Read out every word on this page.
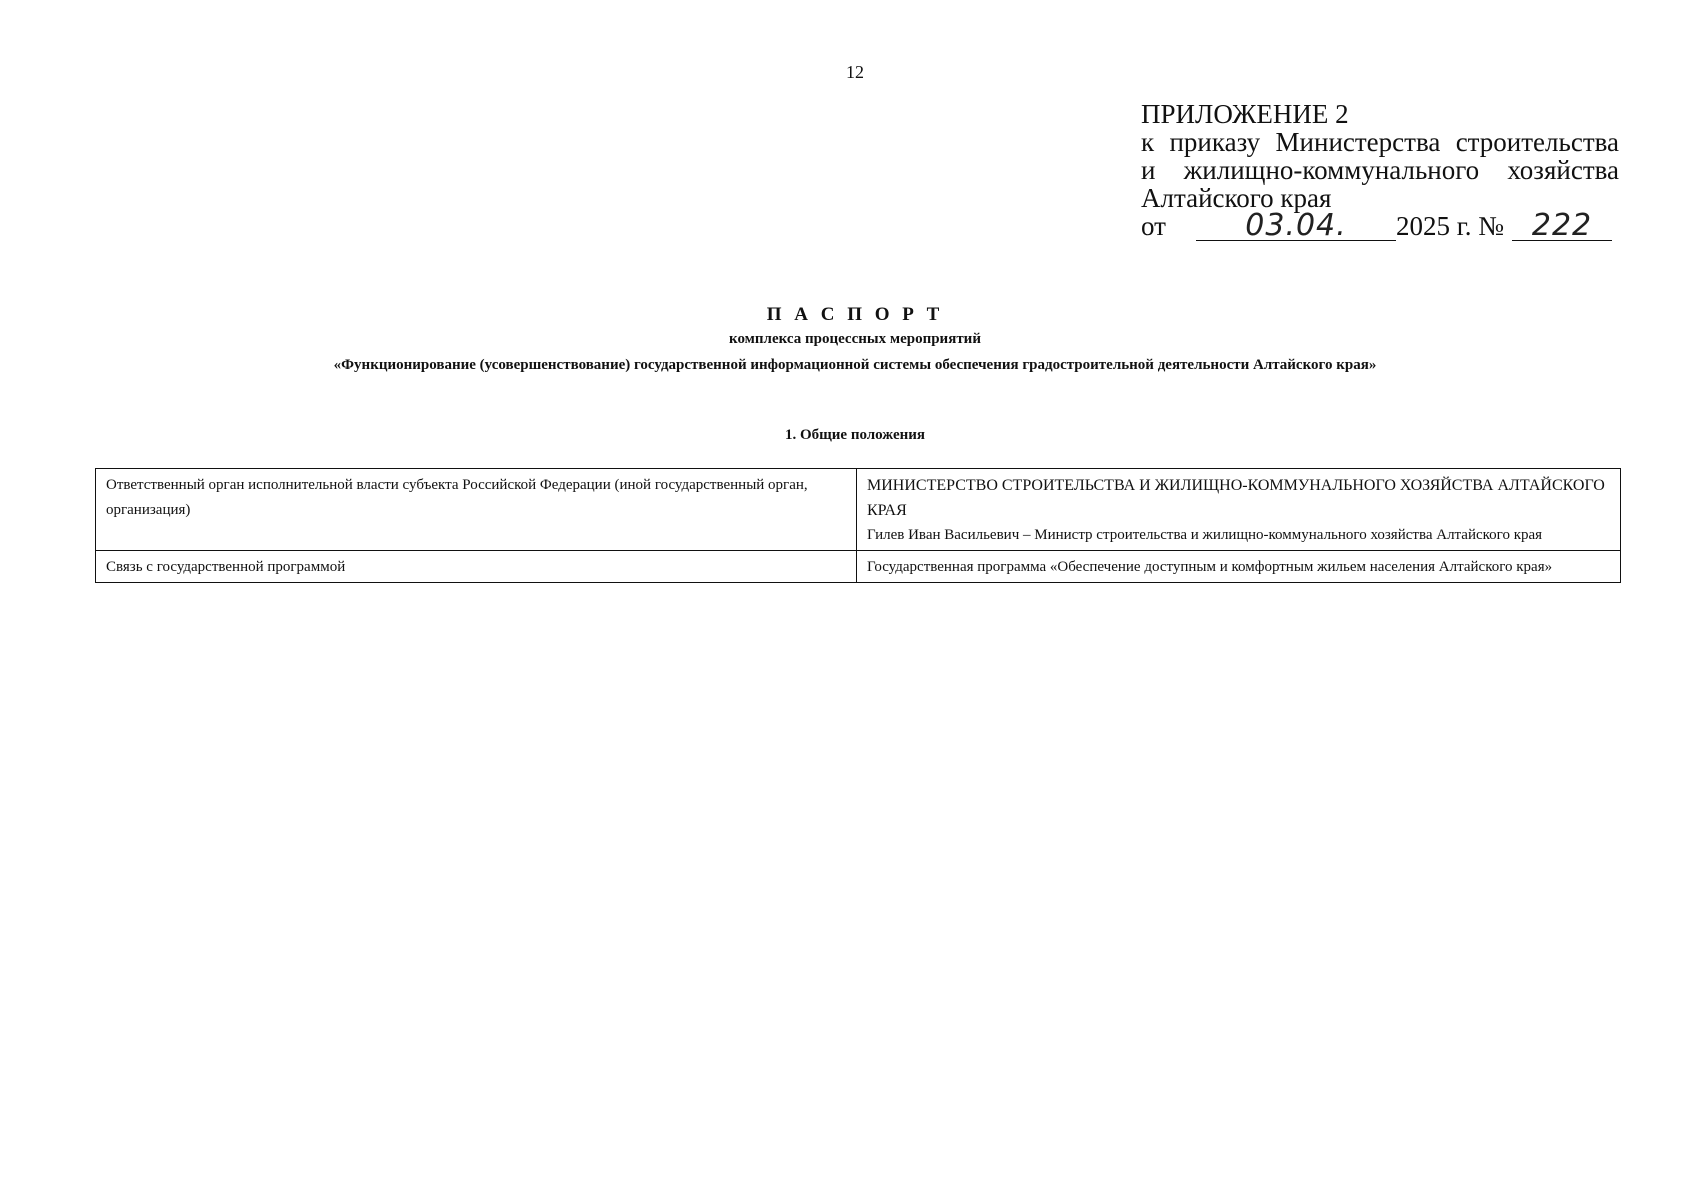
12
ПРИЛОЖЕНИЕ 2
к приказу Министерства строительства
и жилищно-коммунального хозяйства
Алтайского края
от	03.04.	2025 г. № 222
П А С П О Р Т
комплекса процессных мероприятий
«Функционирование (усовершенствование) государственной информационной системы обеспечения градостроительной деятельности Алтайского края»
1. Общие положения
Ответственный орган исполнительной власти субъекта Российской Федерации (иной государственный орган, организация)	МИНИСТЕРСТВО СТРОИТЕЛЬСТВА И ЖИЛИЩНО-КОММУНАЛЬНОГО ХОЗЯЙСТВА АЛТАЙСКОГО КРАЯ
Гилев Иван Васильевич – Министр строительства и жилищно-коммунального хозяйства Алтайского края

Связь с государственной программой	Государственная программа «Обеспечение доступным и комфортным жильем населения Алтайского края»
